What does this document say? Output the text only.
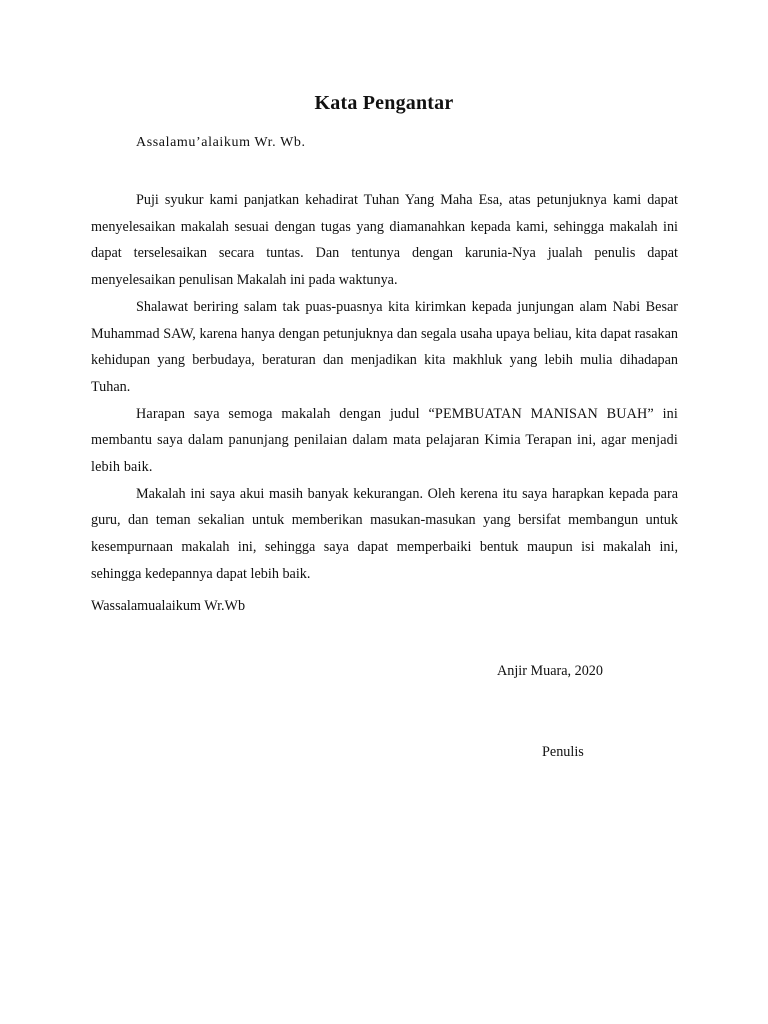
Kata Pengantar
Assalamu’alaikum Wr. Wb.

Puji syukur kami panjatkan kehadirat Tuhan Yang Maha Esa, atas petunjuknya kami dapat menyelesaikan makalah sesuai dengan tugas yang diamanahkan kepada kami, sehingga makalah ini dapat terselesaikan secara tuntas. Dan tentunya dengan karunia-Nya jualah penulis dapat menyelesaikan penulisan Makalah ini pada waktunya.

Shalawat beriring salam tak puas-puasnya kita kirimkan kepada junjungan alam Nabi Besar Muhammad SAW, karena hanya dengan petunjuknya dan segala usaha upaya beliau, kita dapat rasakan kehidupan yang berbudaya, beraturan dan menjadikan kita makhluk yang lebih mulia dihadapan Tuhan.

Harapan saya semoga makalah dengan judul “PEMBUATAN MANISAN BUAH” ini membantu saya dalam panunjang penilaian dalam mata pelajaran Kimia Terapan ini, agar menjadi lebih baik.

Makalah ini saya akui masih banyak kekurangan. Oleh kerena itu saya harapkan kepada para guru, dan teman sekalian untuk memberikan masukan-masukan yang bersifat membangun untuk kesempurnaan makalah ini, sehingga saya dapat memperbaiki bentuk maupun isi makalah ini, sehingga kedepannya dapat lebih baik.

Wassalamualaikum Wr.Wb
Anjir Muara, 2020
Penulis
